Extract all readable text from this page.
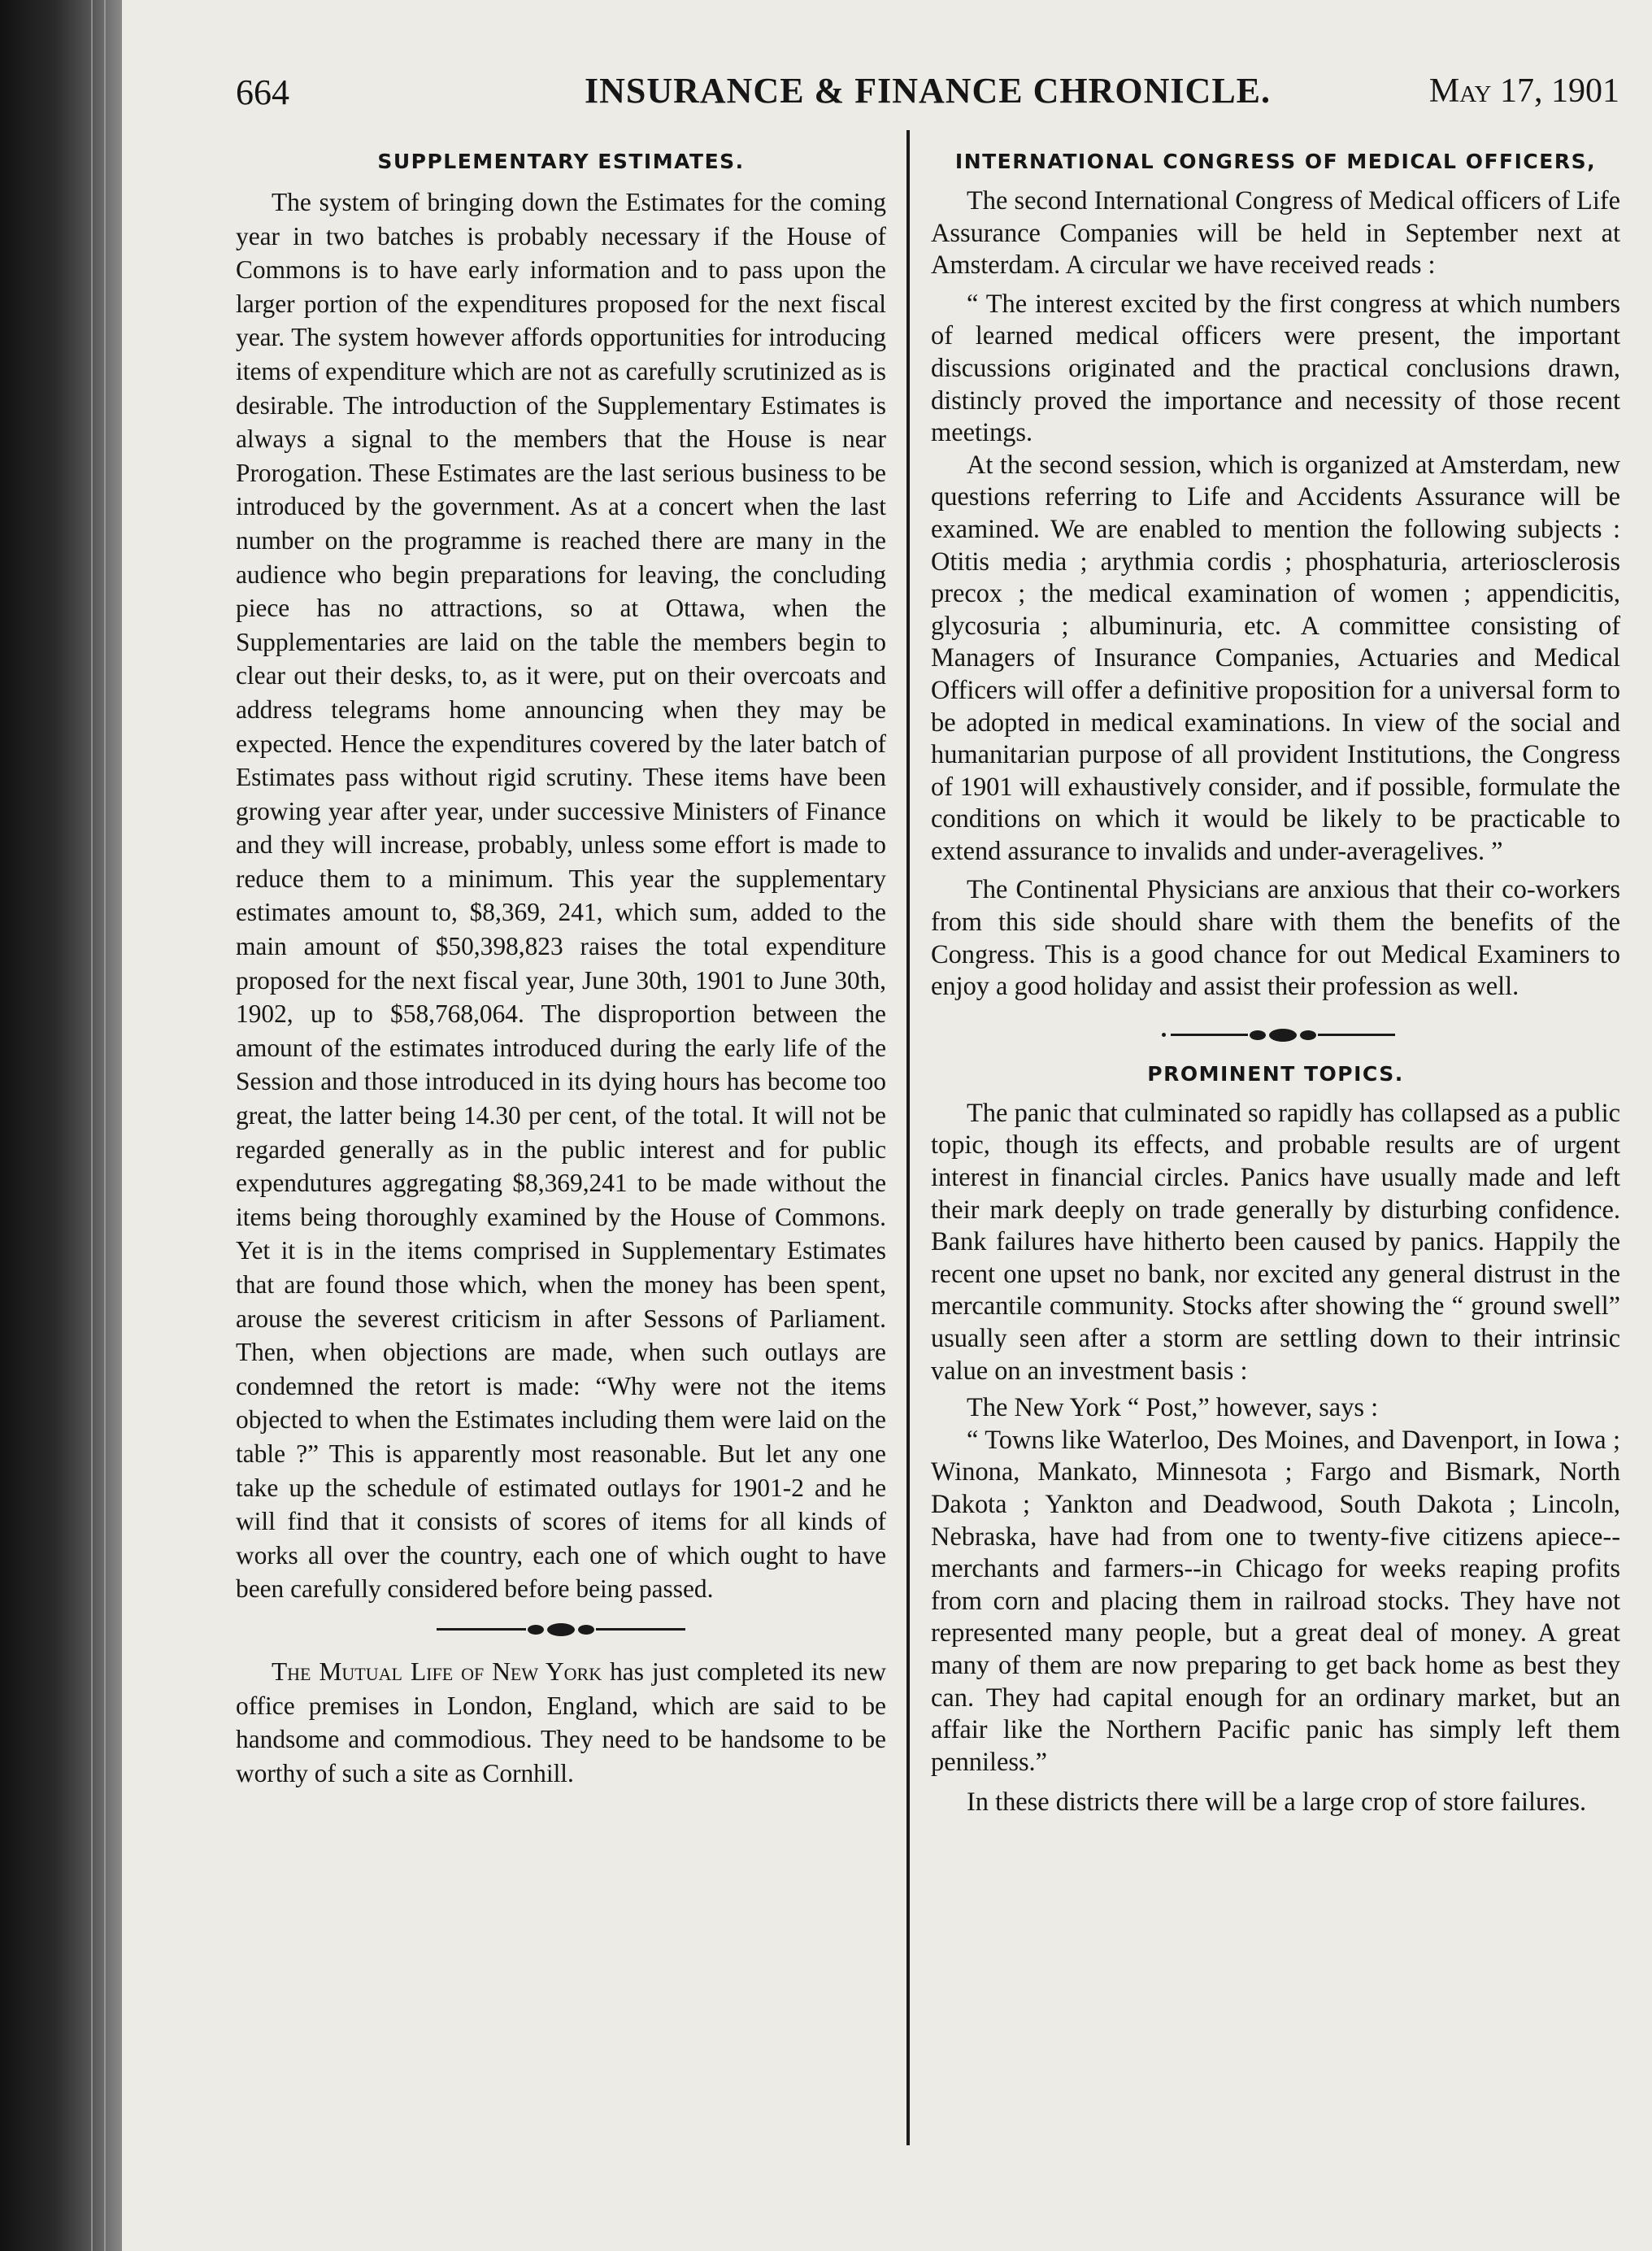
664	INSURANCE & FINANCE CHRONICLE.	May 17, 1901
SUPPLEMENTARY ESTIMATES.

The system of bringing down the Estimates for the coming year in two batches is probably necessary if the House of Commons is to have early information and to pass upon the larger portion of the expenditures proposed for the next fiscal year. The system however affords opportunities for introducing items of expenditure which are not as carefully scrutinized as is desirable. The introduction of the Supplementary Estimates is always a signal to the members that the House is near Prorogation. These Estimates are the last serious business to be introduced by the government. As at a concert when the last number on the programme is reached there are many in the audience who begin preparations for leaving, the concluding piece has no attractions, so at Ottawa, when the Supplementaries are laid on the table the members begin to clear out their desks, to, as it were, put on their overcoats and address telegrams home announcing when they may be expected. Hence the expenditures covered by the later batch of Estimates pass without rigid scrutiny. These items have been growing year after year, under successive Ministers of Finance and they will increase, probably, unless some effort is made to reduce them to a minimum. This year the supplementary estimates amount to, $8,369, 241, which sum, added to the main amount of $50,398,823 raises the total expenditure proposed for the next fiscal year, June 30th, 1901 to June 30th, 1902, up to $58,768,064. The disproportion between the amount of the estimates introduced during the early life of the Session and those introduced in its dying hours has become too great, the latter being 14.30 per cent, of the total. It will not be regarded generally as in the public interest and for public expendutures aggregating $8,369,241 to be made without the items being thoroughly examined by the House of Commons. Yet it is in the items comprised in Supplementary Estimates that are found those which, when the money has been spent, arouse the severest criticism in after Sessons of Parliament. Then, when objections are made, when such outlays are condemned the retort is made: “Why were not the items objected to when the Estimates including them were laid on the table ?” This is apparently most reasonable. But let any one take up the schedule of estimated outlays for 1901-2 and he will find that it consists of scores of items for all kinds of works all over the country, each one of which ought to have been carefully considered before being passed.

The Mutual Life of New York has just completed its new office premises in London, England, which are said to be handsome and commodious. They need to be handsome to be worthy of such a site as Cornhill.

INTERNATIONAL CONGRESS OF MEDICAL OFFICERS,

The second International Congress of Medical officers of Life Assurance Companies will be held in September next at Amsterdam. A circular we have received reads :

“ The interest excited by the first congress at which numbers of learned medical officers were present, the important discussions originated and the practical conclusions drawn, distincly proved the importance and necessity of those recent meetings.

At the second session, which is organized at Amsterdam, new questions referring to Life and Accidents Assurance will be examined. We are enabled to mention the following subjects : Otitis media ; arythmia cordis ; phosphaturia, arteriosclerosis precox ; the medical examination of women ; appendicitis, glycosuria ; albuminuria, etc. A committee consisting of Managers of Insurance Companies, Actuaries and Medical Officers will offer a definitive proposition for a universal form to be adopted in medical examinations. In view of the social and humanitarian purpose of all provident Institutions, the Congress of 1901 will exhaustively consider, and if possible, formulate the conditions on which it would be likely to be practicable to extend assurance to invalids and under-averagelives. ”

The Continental Physicians are anxious that their co-workers from this side should share with them the benefits of the Congress. This is a good chance for out Medical Examiners to enjoy a good holiday and assist their profession as well.

PROMINENT TOPICS.

The panic that culminated so rapidly has collapsed as a public topic, though its effects, and probable results are of urgent interest in financial circles. Panics have usually made and left their mark deeply on trade generally by disturbing confidence. Bank failures have hitherto been caused by panics. Happily the recent one upset no bank, nor excited any general distrust in the mercantile community. Stocks after showing the “ ground swell” usually seen after a storm are settling down to their intrinsic value on an investment basis :

The New York “ Post,” however, says :

“ Towns like Waterloo, Des Moines, and Davenport, in Iowa ; Winona, Mankato, Minnesota ; Fargo and Bismark, North Dakota ; Yankton and Deadwood, South Dakota ; Lincoln, Nebraska, have had from one to twenty-five citizens apiece--merchants and farmers--in Chicago for weeks reaping profits from corn and placing them in railroad stocks. They have not represented many people, but a great deal of money. A great many of them are now preparing to get back home as best they can. They had capital enough for an ordinary market, but an affair like the Northern Pacific panic has simply left them penniless.”

In these districts there will be a large crop of store failures.
